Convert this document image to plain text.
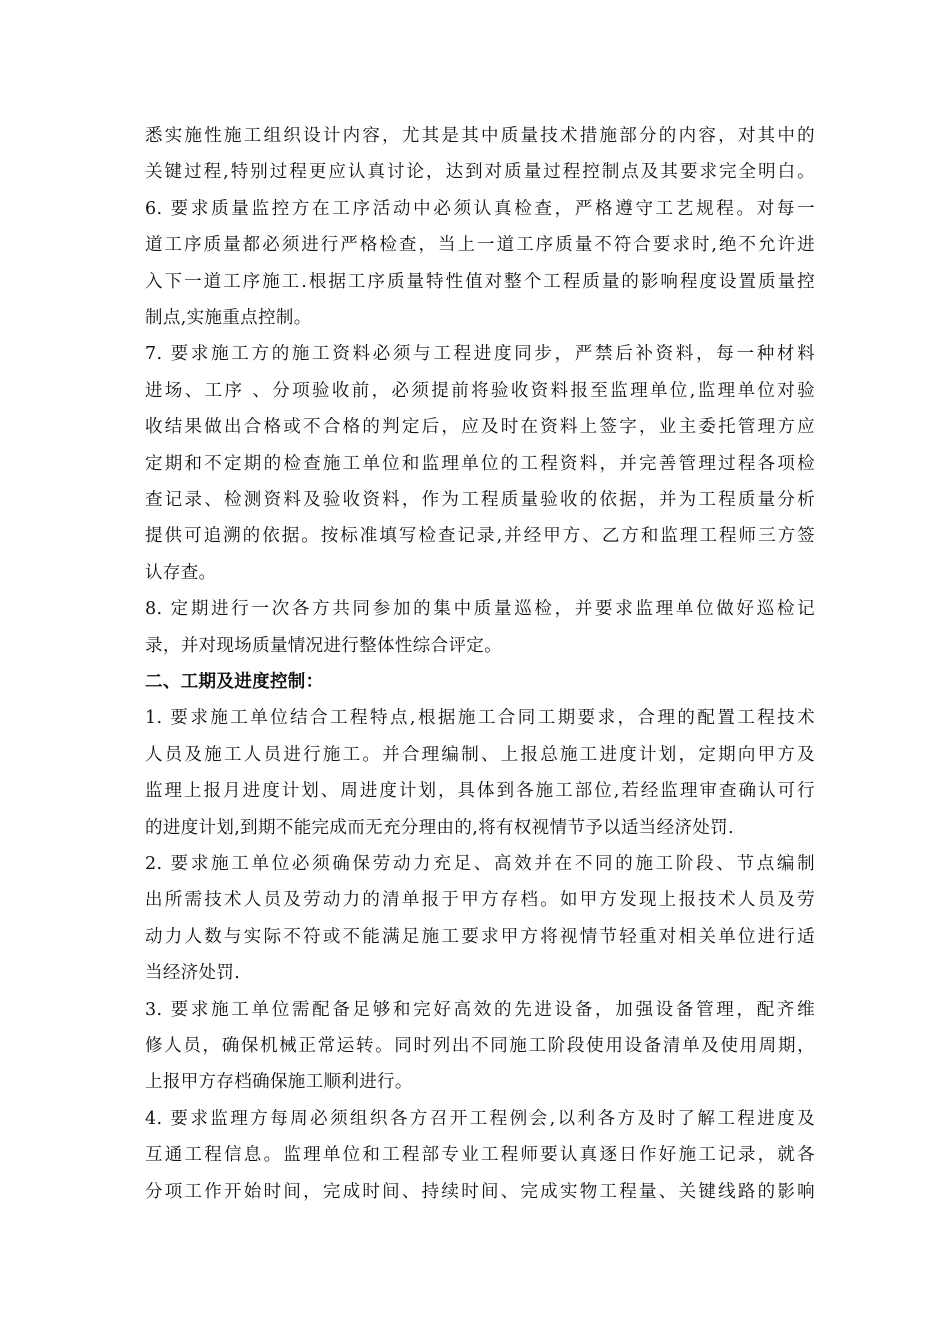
悉实施性施工组织设计内容，尤其是其中质量技术措施部分的内容，对其中的
关键过程,特别过程更应认真讨论，达到对质量过程控制点及其要求完全明白。
6. 要求质量监控方在工序活动中必须认真检查，严格遵守工艺规程。对每一
道工序质量都必须进行严格检查，当上一道工序质量不符合要求时,绝不允许进
入下一道工序施工.根据工序质量特性值对整个工程质量的影响程度设置质量控
制点,实施重点控制。
7. 要求施工方的施工资料必须与工程进度同步，严禁后补资料，每一种材料
进场、工序 、分项验收前，必须提前将验收资料报至监理单位,监理单位对验
收结果做出合格或不合格的判定后，应及时在资料上签字，业主委托管理方应
定期和不定期的检查施工单位和监理单位的工程资料，并完善管理过程各项检
查记录、检测资料及验收资料，作为工程质量验收的依据，并为工程质量分析
提供可追溯的依据。按标准填写检查记录,并经甲方、乙方和监理工程师三方签
认存查。
8. 定期进行一次各方共同参加的集中质量巡检，并要求监理单位做好巡检记
录，并对现场质量情况进行整体性综合评定。
二、工期及进度控制：
1. 要求施工单位结合工程特点,根据施工合同工期要求，合理的配置工程技术
人员及施工人员进行施工。并合理编制、上报总施工进度计划，定期向甲方及
监理上报月进度计划、周进度计划，具体到各施工部位,若经监理审查确认可行
的进度计划,到期不能完成而无充分理由的,将有权视情节予以适当经济处罚.
2. 要求施工单位必须确保劳动力充足、高效并在不同的施工阶段、节点编制
出所需技术人员及劳动力的清单报于甲方存档。如甲方发现上报技术人员及劳
动力人数与实际不符或不能满足施工要求甲方将视情节轻重对相关单位进行适
当经济处罚.
3. 要求施工单位需配备足够和完好高效的先进设备，加强设备管理，配齐维
修人员，确保机械正常运转。同时列出不同施工阶段使用设备清单及使用周期，
上报甲方存档确保施工顺利进行。
4. 要求监理方每周必须组织各方召开工程例会,以利各方及时了解工程进度及
互通工程信息。监理单位和工程部专业工程师要认真逐日作好施工记录，就各
分项工作开始时间，完成时间、持续时间、完成实物工程量、关键线路的影响
